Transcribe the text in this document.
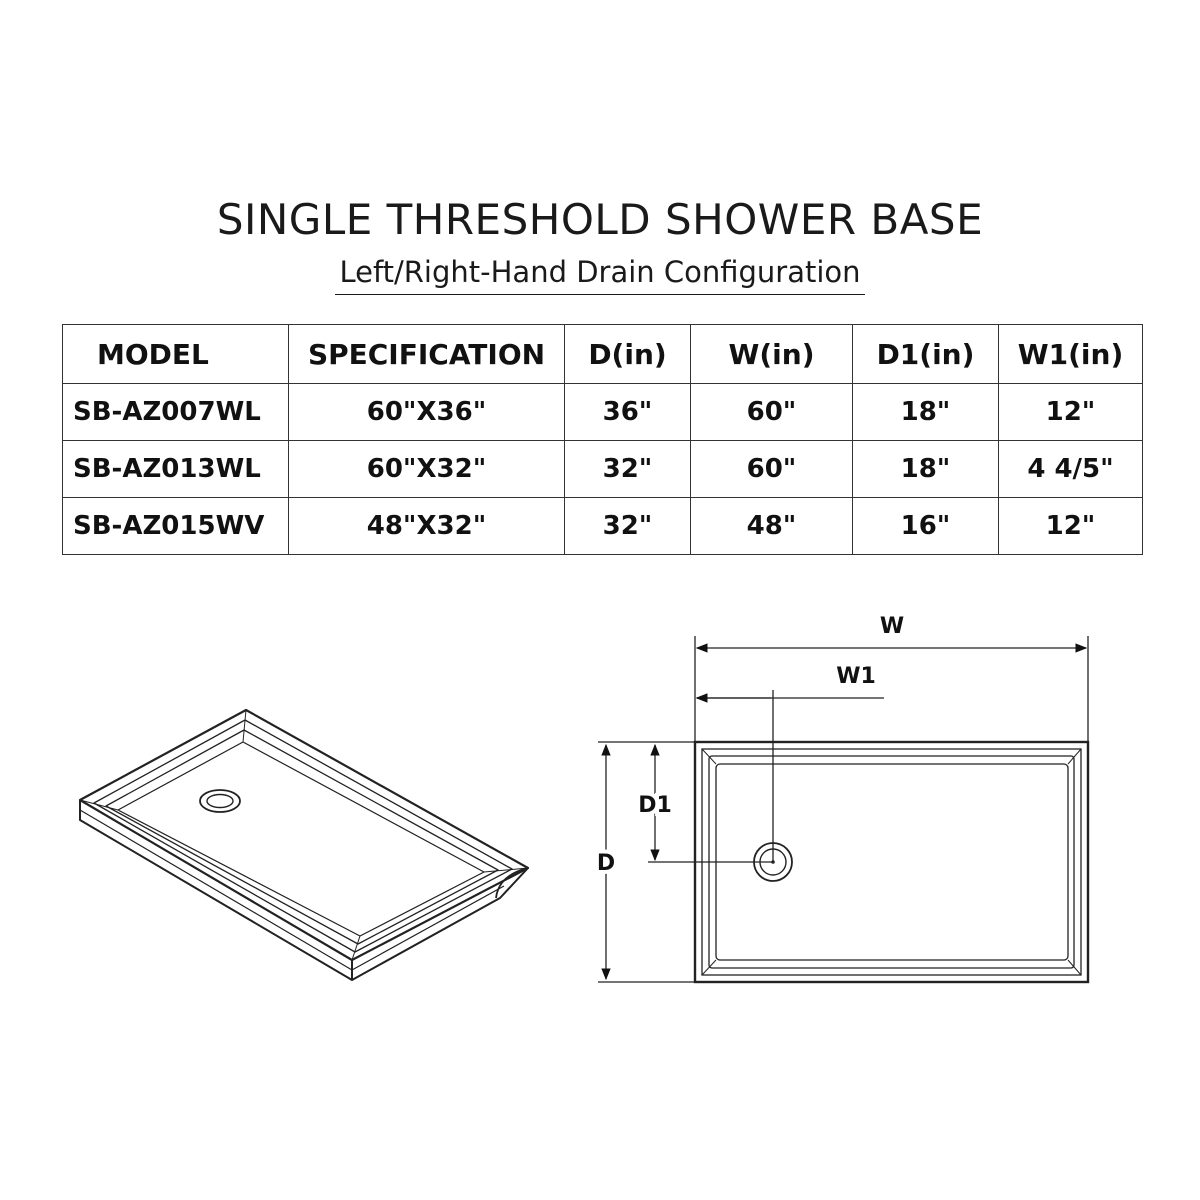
SINGLE THRESHOLD SHOWER BASE
Left/Right-Hand Drain Configuration
MODEL	SPECIFICATION	D(in)	W(in)	D1(in)	W1(in)
SB-AZ007WL	60"X36"	36"	60"	18"	12"
SB-AZ013WL	60"X32"	32"	60"	18"	4 4/5"
SB-AZ015WV	48"X32"	32"	48"	16"	12"
W
W1
D
D1
